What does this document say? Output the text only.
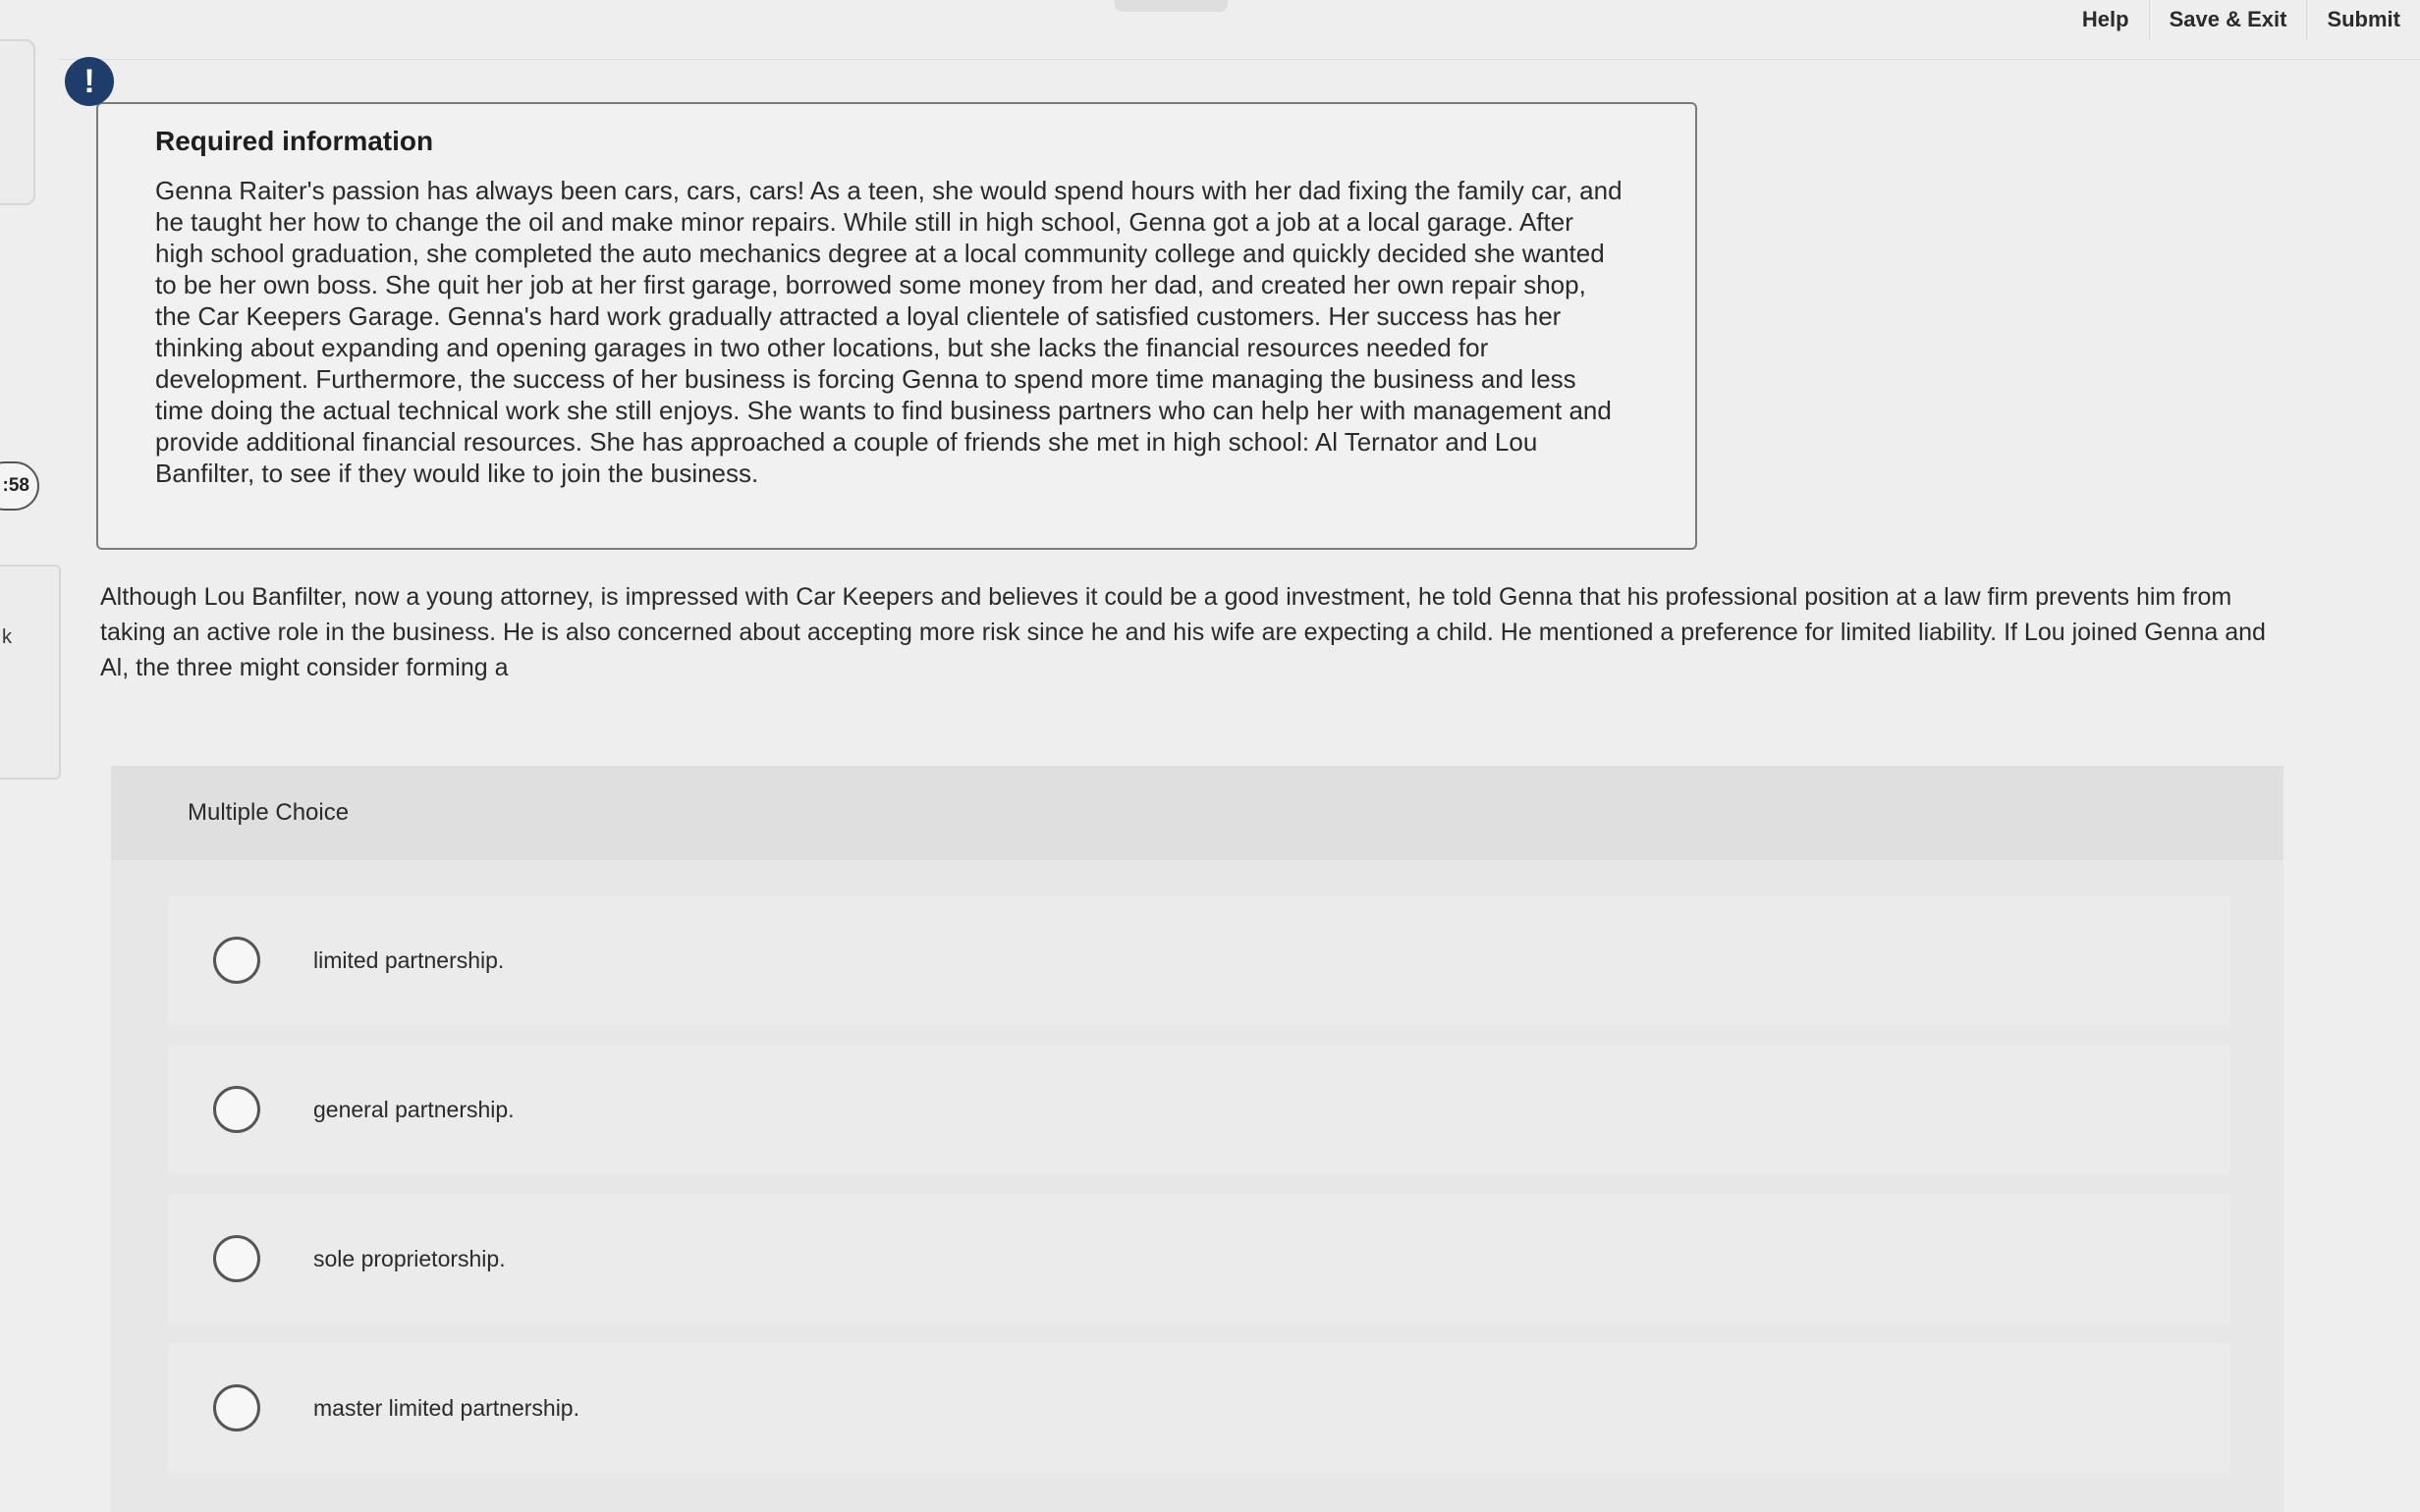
Help	Save & Exit	Submit
:58
k
!
Required information
Genna Raiter's passion has always been cars, cars, cars! As a teen, she would spend hours with her dad fixing the family car, and he taught her how to change the oil and make minor repairs. While still in high school, Genna got a job at a local garage. After high school graduation, she completed the auto mechanics degree at a local community college and quickly decided she wanted to be her own boss. She quit her job at her first garage, borrowed some money from her dad, and created her own repair shop, the Car Keepers Garage. Genna's hard work gradually attracted a loyal clientele of satisfied customers. Her success has her thinking about expanding and opening garages in two other locations, but she lacks the financial resources needed for development. Furthermore, the success of her business is forcing Genna to spend more time managing the business and less time doing the actual technical work she still enjoys. She wants to find business partners who can help her with management and provide additional financial resources. She has approached a couple of friends she met in high school: Al Ternator and Lou Banfilter, to see if they would like to join the business.
Although Lou Banfilter, now a young attorney, is impressed with Car Keepers and believes it could be a good investment, he told Genna that his professional position at a law firm prevents him from taking an active role in the business. He is also concerned about accepting more risk since he and his wife are expecting a child. He mentioned a preference for limited liability. If Lou joined Genna and Al, the three might consider forming a
Multiple Choice
limited partnership.
general partnership.
sole proprietorship.
master limited partnership.
